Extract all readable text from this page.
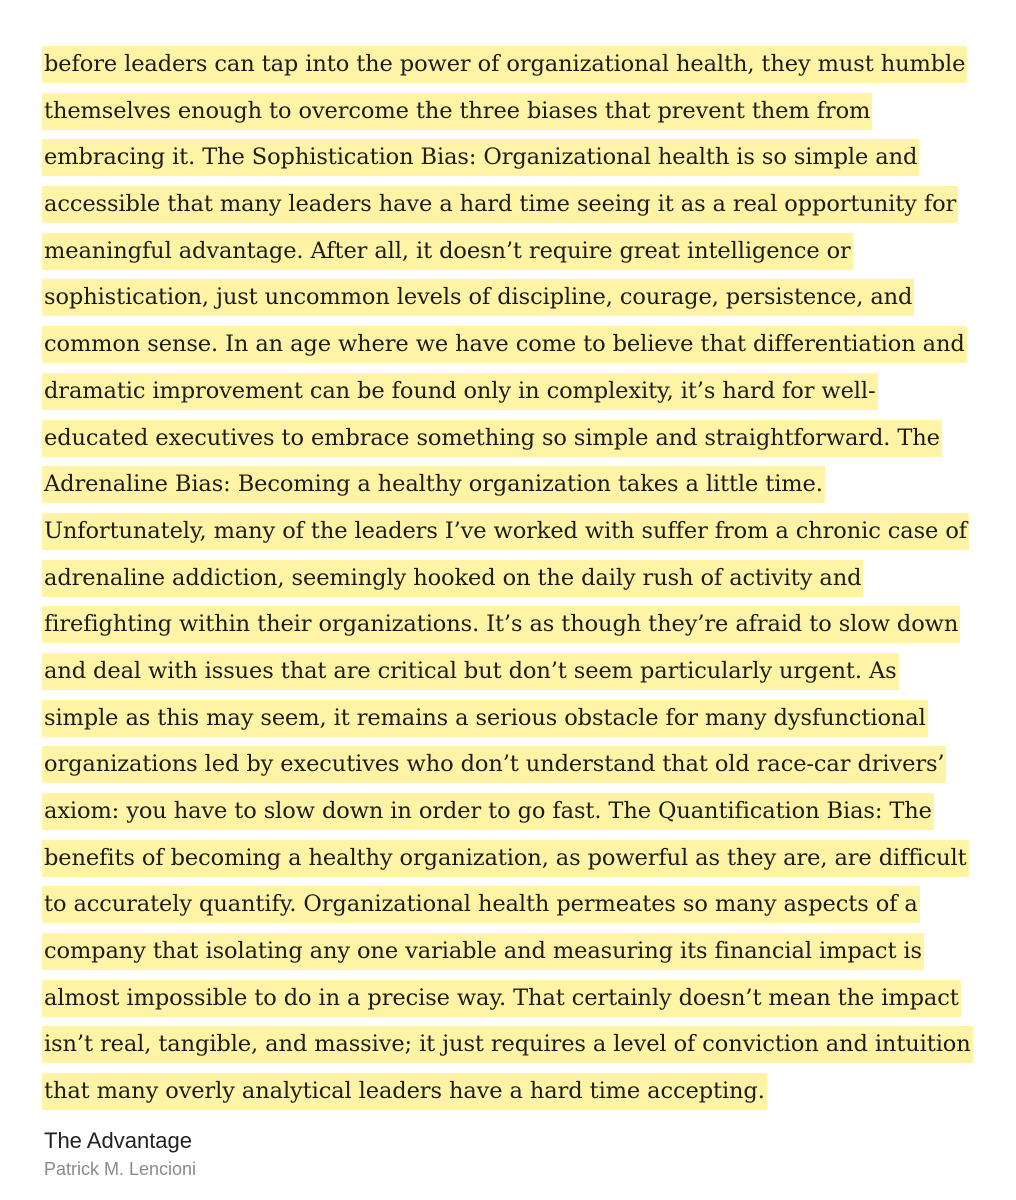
before leaders can tap into the power of organizational health, they must humble
themselves enough to overcome the three biases that prevent them from
embracing it. The Sophistication Bias: Organizational health is so simple and
accessible that many leaders have a hard time seeing it as a real opportunity for
meaningful advantage. After all, it doesn’t require great intelligence or
sophistication, just uncommon levels of discipline, courage, persistence, and
common sense. In an age where we have come to believe that differentiation and
dramatic improvement can be found only in complexity, it’s hard for well-
educated executives to embrace something so simple and straightforward. The
Adrenaline Bias: Becoming a healthy organization takes a little time.
Unfortunately, many of the leaders I’ve worked with suffer from a chronic case of
adrenaline addiction, seemingly hooked on the daily rush of activity and
firefighting within their organizations. It’s as though they’re afraid to slow down
and deal with issues that are critical but don’t seem particularly urgent. As
simple as this may seem, it remains a serious obstacle for many dysfunctional
organizations led by executives who don’t understand that old race-car drivers’
axiom: you have to slow down in order to go fast. The Quantification Bias: The
benefits of becoming a healthy organization, as powerful as they are, are difficult
to accurately quantify. Organizational health permeates so many aspects of a
company that isolating any one variable and measuring its financial impact is
almost impossible to do in a precise way. That certainly doesn’t mean the impact
isn’t real, tangible, and massive; it just requires a level of conviction and intuition
that many overly analytical leaders have a hard time accepting.
The Advantage
Patrick M. Lencioni
